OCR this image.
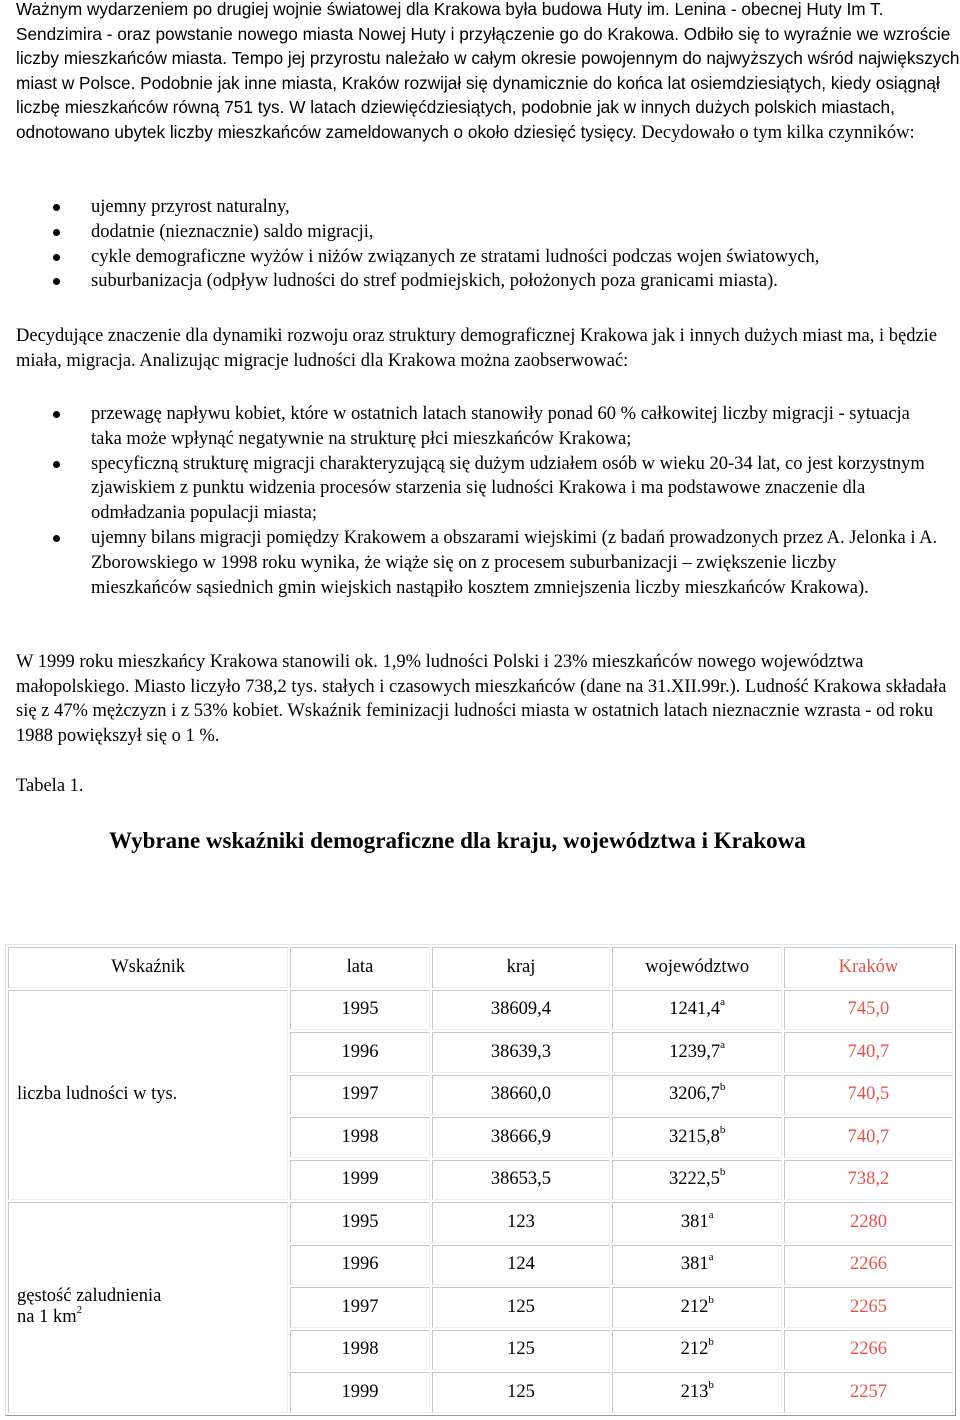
Ważnym wydarzeniem po drugiej wojnie światowej dla Krakowa była budowa Huty im. Lenina - obecnej Huty Im T. Sendzimira - oraz powstanie nowego miasta Nowej Huty i przyłączenie go do Krakowa. Odbiło się to wyraźnie we wzroście liczby mieszkańców miasta. Tempo jej przyrostu należało w całym okresie powojennym do najwyższych wśród największych miast w Polsce. Podobnie jak inne miasta, Kraków rozwijał się dynamicznie do końca lat osiemdziesiątych, kiedy osiągnął liczbę mieszkańców równą 751 tys. W latach dziewięćdziesiątych, podobnie jak w innych dużych polskich miastach, odnotowano ubytek liczby mieszkańców zameldowanych o około dziesięć tysięcy. Decydowało o tym kilka czynników:

ujemny przyrost naturalny,
dodatnie (nieznacznie) saldo migracji,
cykle demograficzne wyżów i niżów związanych ze stratami ludności podczas wojen światowych,
suburbanizacja (odpływ ludności do stref podmiejskich, położonych poza granicami miasta).

Decydujące znaczenie dla dynamiki rozwoju oraz struktury demograficznej Krakowa jak i innych dużych miast ma, i będzie miała, migracja. Analizując migracje ludności dla Krakowa można zaobserwować:

przewagę napływu kobiet, które w ostatnich latach stanowiły ponad 60 % całkowitej liczby migracji - sytuacja taka może wpłynąć negatywnie na strukturę płci mieszkańców Krakowa;
specyficzną strukturę migracji charakteryzującą się dużym udziałem osób w wieku 20-34 lat, co jest korzystnym zjawiskiem z punktu widzenia procesów starzenia się ludności Krakowa i ma podstawowe znaczenie dla odmładzania populacji miasta;
ujemny bilans migracji pomiędzy Krakowem a obszarami wiejskimi (z badań prowadzonych przez A. Jelonka i A. Zborowskiego w 1998 roku wynika, że wiąże się on z procesem suburbanizacji – zwiększenie liczby mieszkańców sąsiednich gmin wiejskich nastąpiło kosztem zmniejszenia liczby mieszkańców Krakowa).

W 1999 roku mieszkańcy Krakowa stanowili ok. 1,9% ludności Polski i 23% mieszkańców nowego województwa małopolskiego. Miasto liczyło 738,2 tys. stałych i czasowych mieszkańców (dane na 31.XII.99r.). Ludność Krakowa składała się z 47% mężczyzn i z 53% kobiet. Wskaźnik feminizacji ludności miasta w ostatnich latach nieznacznie wzrasta - od roku 1988 powiększył się o 1 %.

Tabela 1.

Wybrane wskaźniki demograficzne dla kraju, województwa i Krakowa
Wskaźnik	lata	kraj	województwo	Kraków
liczba ludności w tys.	1995	38609,4	1241,4$^a$	745,0
	1996	38639,3	1239,7$^a$	740,7
	1997	38660,0	3206,7$^b$	740,5
	1998	38666,9	3215,8$^b$	740,7
	1999	38653,5	3222,5$^b$	738,2
gęstość zaludnienia
na 1 $km^2$	1995	123	381$^a$	2280
	1996	124	381$^a$	2266
	1997	125	212$^b$	2265
	1998	125	212$^b$	2266
	1999	125	213$^b$	2257
